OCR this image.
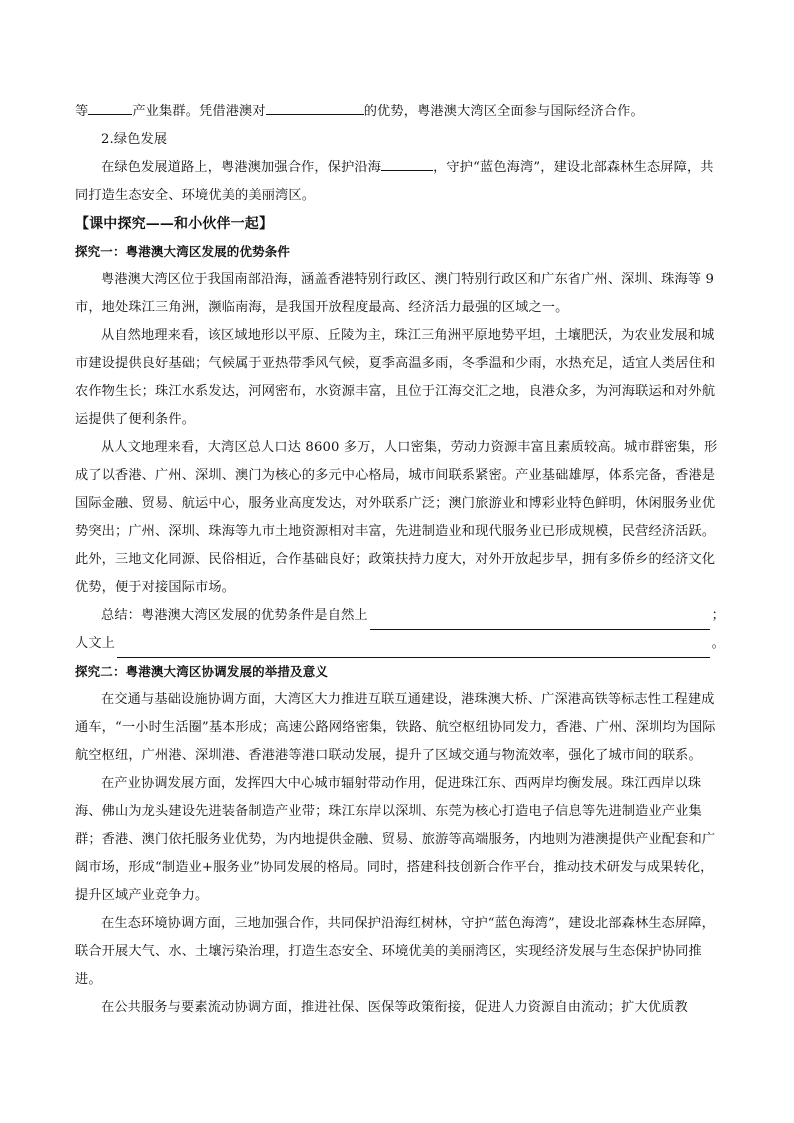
等	产业集群。凭借港澳对	的优势，粤港澳大湾区全面参与国际经济合作。

2.绿色发展

在绿色发展道路上，粤港澳加强合作，保护沿海	，守护“蓝色海湾”，建设北部森林生态屏障，共同打造生态安全、环境优美的美丽湾区。

【课中探究——和小伙伴一起】

探究一：粤港澳大湾区发展的优势条件

粤港澳大湾区位于我国南部沿海，涵盖香港特别行政区、澳门特别行政区和广东省广州、深圳、珠海等 9 市，地处珠江三角洲，濒临南海，是我国开放程度最高、经济活力最强的区域之一。

从自然地理来看，该区域地形以平原、丘陵为主，珠江三角洲平原地势平坦，土壤肥沃，为农业发展和城市建设提供良好基础；气候属于亚热带季风气候，夏季高温多雨，冬季温和少雨，水热充足，适宜人类居住和农作物生长；珠江水系发达，河网密布，水资源丰富，且位于江海交汇之地，良港众多，为河海联运和对外航运提供了便利条件。

从人文地理来看，大湾区总人口达 8600 多万，人口密集，劳动力资源丰富且素质较高。城市群密集，形成了以香港、广州、深圳、澳门为核心的多元中心格局，城市间联系紧密。产业基础雄厚，体系完备，香港是国际金融、贸易、航运中心，服务业高度发达，对外联系广泛；澳门旅游业和博彩业特色鲜明，休闲服务业优势突出；广州、深圳、珠海等九市土地资源相对丰富，先进制造业和现代服务业已形成规模，民营经济活跃。此外，三地文化同源、民俗相近，合作基础良好；政策扶持力度大，对外开放起步早，拥有多侨乡的经济文化优势，便于对接国际市场。

总结：粤港澳大湾区发展的优势条件是自然上	；
人文上	。

探究二：粤港澳大湾区协调发展的举措及意义

在交通与基础设施协调方面，大湾区大力推进互联互通建设，港珠澳大桥、广深港高铁等标志性工程建成通车，“一小时生活圈”基本形成；高速公路网络密集，铁路、航空枢纽协同发力，香港、广州、深圳均为国际航空枢纽，广州港、深圳港、香港港等港口联动发展，提升了区域交通与物流效率，强化了城市间的联系。

在产业协调发展方面，发挥四大中心城市辐射带动作用，促进珠江东、西两岸均衡发展。珠江西岸以珠海、佛山为龙头建设先进装备制造产业带；珠江东岸以深圳、东莞为核心打造电子信息等先进制造业产业集群；香港、澳门依托服务业优势，为内地提供金融、贸易、旅游等高端服务，内地则为港澳提供产业配套和广阔市场，形成“制造业+服务业”协同发展的格局。同时，搭建科技创新合作平台，推动技术研发与成果转化，提升区域产业竞争力。

在生态环境协调方面，三地加强合作，共同保护沿海红树林，守护“蓝色海湾”，建设北部森林生态屏障，联合开展大气、水、土壤污染治理，打造生态安全、环境优美的美丽湾区，实现经济发展与生态保护协同推进。

在公共服务与要素流动协调方面，推进社保、医保等政策衔接，促进人力资源自由流动；扩大优质教
